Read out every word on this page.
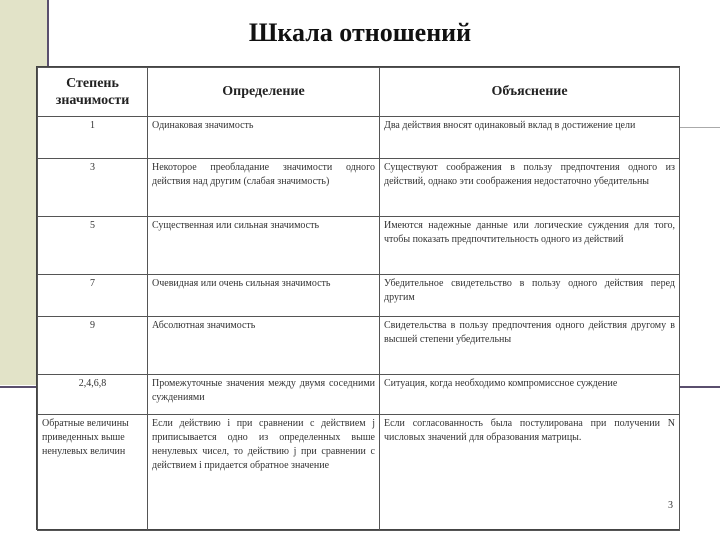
Шкала отношений
Степень значимости	Определение	Объяснение
1	Одинаковая значимость	Два действия вносят одинаковый вклад в достижение цели
3	Некоторое преобладание значимости одного действия над другим (слабая значимость)	Существуют соображения в пользу предпочтения одного из действий, однако эти соображения недостаточно убедительны
5	Существенная или сильная значимость	Имеются надежные данные или логические суждения для того, чтобы показать предпочтительность одного из действий
7	Очевидная или очень сильная значимость	Убедительное свидетельство в пользу одного действия перед другим
9	Абсолютная значимость	Свидетельства в пользу предпочтения одного действия другому в высшей степени убедительны
2,4,6,8	Промежуточные значения между двумя соседними суждениями	Ситуация, когда необходимо компромиссное суждение
Обратные величины приведенных выше ненулевых величин	Если действию i при сравнении с действием j приписывается одно из определенных выше ненулевых чисел, то действию j при сравнении с действием i придается обратное значение	Если согласованность была постулирована при получении N числовых значений для образования матрицы.
3
